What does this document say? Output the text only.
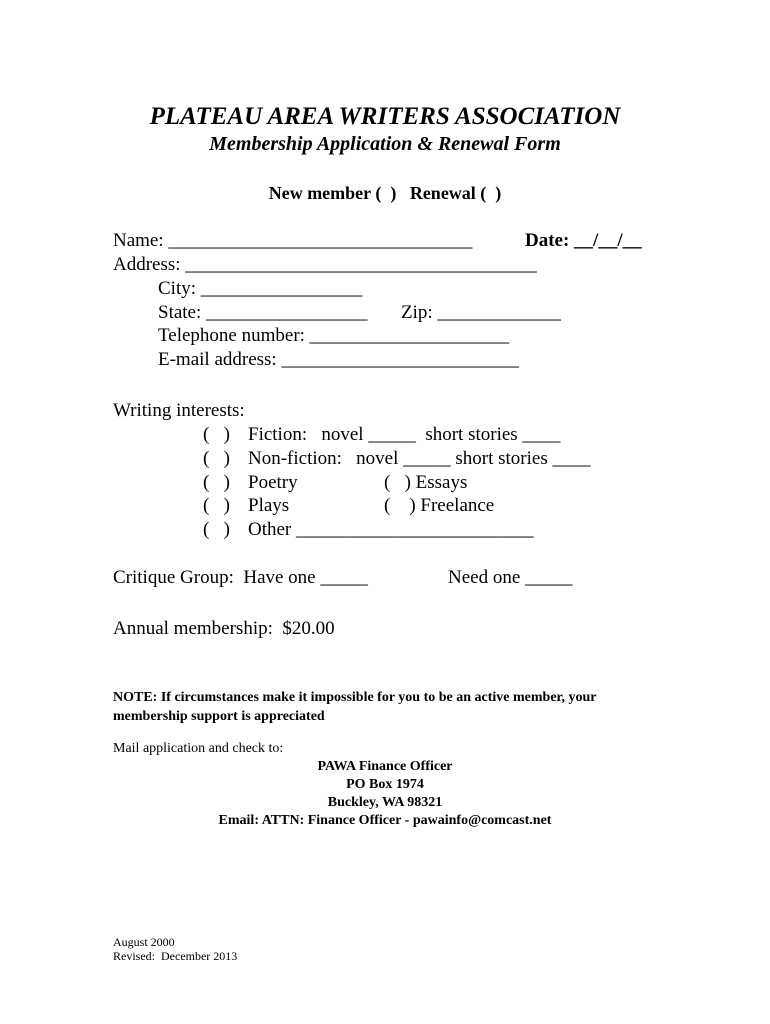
PLATEAU AREA WRITERS ASSOCIATION
Membership Application & Renewal Form
New member (  )   Renewal (  )
Name: ________________________________	Date: __/__/__
Address: _____________________________________
City: _________________
State: _________________ Zip: _____________
Telephone number: _____________________
E-mail address: _________________________
Writing interests:
(   ) Fiction:   novel _____  short stories ____
(   ) Non-fiction:   novel _____ short stories ____
(   ) Poetry	(   ) Essays
(   ) Plays	(    ) Freelance
(   ) Other _________________________
Critique Group:  Have one _____	Need one _____
Annual membership:  $20.00
NOTE: If circumstances make it impossible for you to be an active member, your membership support is appreciated
Mail application and check to:
PAWA Finance Officer
PO Box 1974
Buckley, WA 98321
Email: ATTN: Finance Officer - pawainfo@comcast.net
August 2000
Revised:  December 2013
